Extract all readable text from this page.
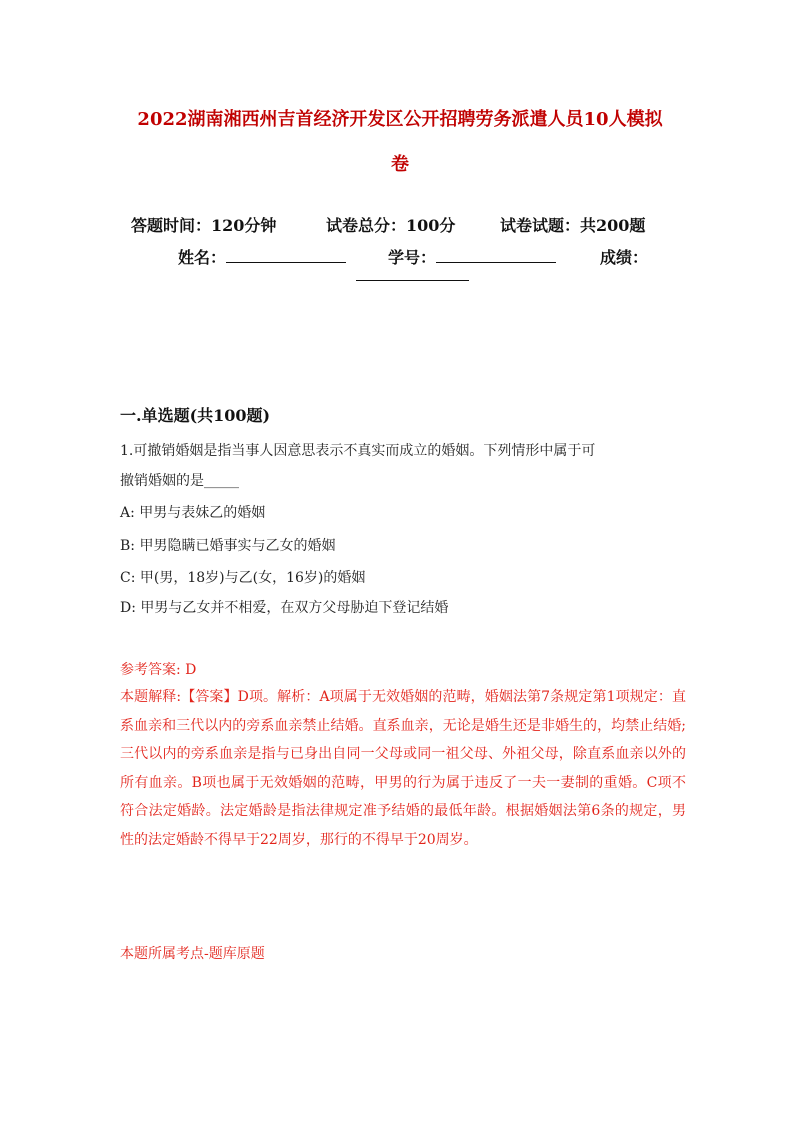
2022湖南湘西州吉首经济开发区公开招聘劳务派遣人员10人模拟
卷
答题时间：120分钟	试卷总分：100分	试卷试题：共200题
姓名：	学号：	成绩：
一.单选题(共100题)
1.可撤销婚姻是指当事人因意思表示不真实而成立的婚姻。下列情形中属于可
撤销婚姻的是_____
A: 甲男与表妹乙的婚姻
B: 甲男隐瞒已婚事实与乙女的婚姻
C: 甲(男，18岁)与乙(女，16岁)的婚姻
D: 甲男与乙女并不相爱，在双方父母胁迫下登记结婚
参考答案: D
本题解释:【答案】D项。解析：A项属于无效婚姻的范畴，婚姻法第7条规定第1项规定：直系血亲和三代以内的旁系血亲禁止结婚。直系血亲，无论是婚生还是非婚生的，均禁止结婚;三代以内的旁系血亲是指与已身出自同一父母或同一祖父母、外祖父母，除直系血亲以外的所有血亲。B项也属于无效婚姻的范畴，甲男的行为属于违反了一夫一妻制的重婚。C项不符合法定婚龄。法定婚龄是指法律规定准予结婚的最低年龄。根据婚姻法第6条的规定，男性的法定婚龄不得早于22周岁，那行的不得早于20周岁。
本题所属考点-题库原题
